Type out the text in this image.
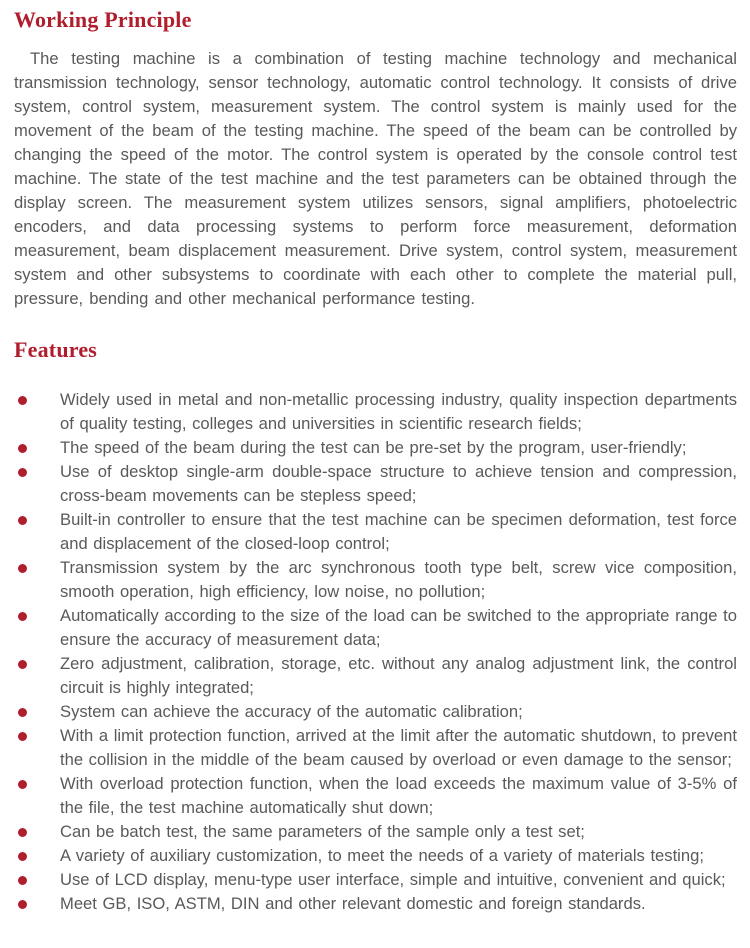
Working Principle

The testing machine is a combination of testing machine technology and mechanical transmission technology, sensor technology, automatic control technology. It consists of drive system, control system, measurement system. The control system is mainly used for the movement of the beam of the testing machine. The speed of the beam can be controlled by changing the speed of the motor. The control system is operated by the console control test machine. The state of the test machine and the test parameters can be obtained through the display screen. The measurement system utilizes sensors, signal amplifiers, photoelectric encoders, and data processing systems to perform force measurement, deformation measurement, beam displacement measurement. Drive system, control system, measurement system and other subsystems to coordinate with each other to complete the material pull, pressure, bending and other mechanical performance testing.

Features
Widely used in metal and non-metallic processing industry, quality inspection departments of quality testing, colleges and universities in scientific research fields;
The speed of the beam during the test can be pre-set by the program, user-friendly;
Use of desktop single-arm double-space structure to achieve tension and compression, cross-beam movements can be stepless speed;
Built-in controller to ensure that the test machine can be specimen deformation, test force and displacement of the closed-loop control;
Transmission system by the arc synchronous tooth type belt, screw vice composition, smooth operation, high efficiency, low noise, no pollution;
Automatically according to the size of the load can be switched to the appropriate range to ensure the accuracy of measurement data;
Zero adjustment, calibration, storage, etc. without any analog adjustment link, the control circuit is highly integrated;
System can achieve the accuracy of the automatic calibration;
With a limit protection function, arrived at the limit after the automatic shutdown, to prevent the collision in the middle of the beam caused by overload or even damage to the sensor;
With overload protection function, when the load exceeds the maximum value of 3-5% of the file, the test machine automatically shut down;
Can be batch test, the same parameters of the sample only a test set;
A variety of auxiliary customization, to meet the needs of a variety of materials testing;
Use of LCD display, menu-type user interface, simple and intuitive, convenient and quick;
Meet GB, ISO, ASTM, DIN and other relevant domestic and foreign standards.
